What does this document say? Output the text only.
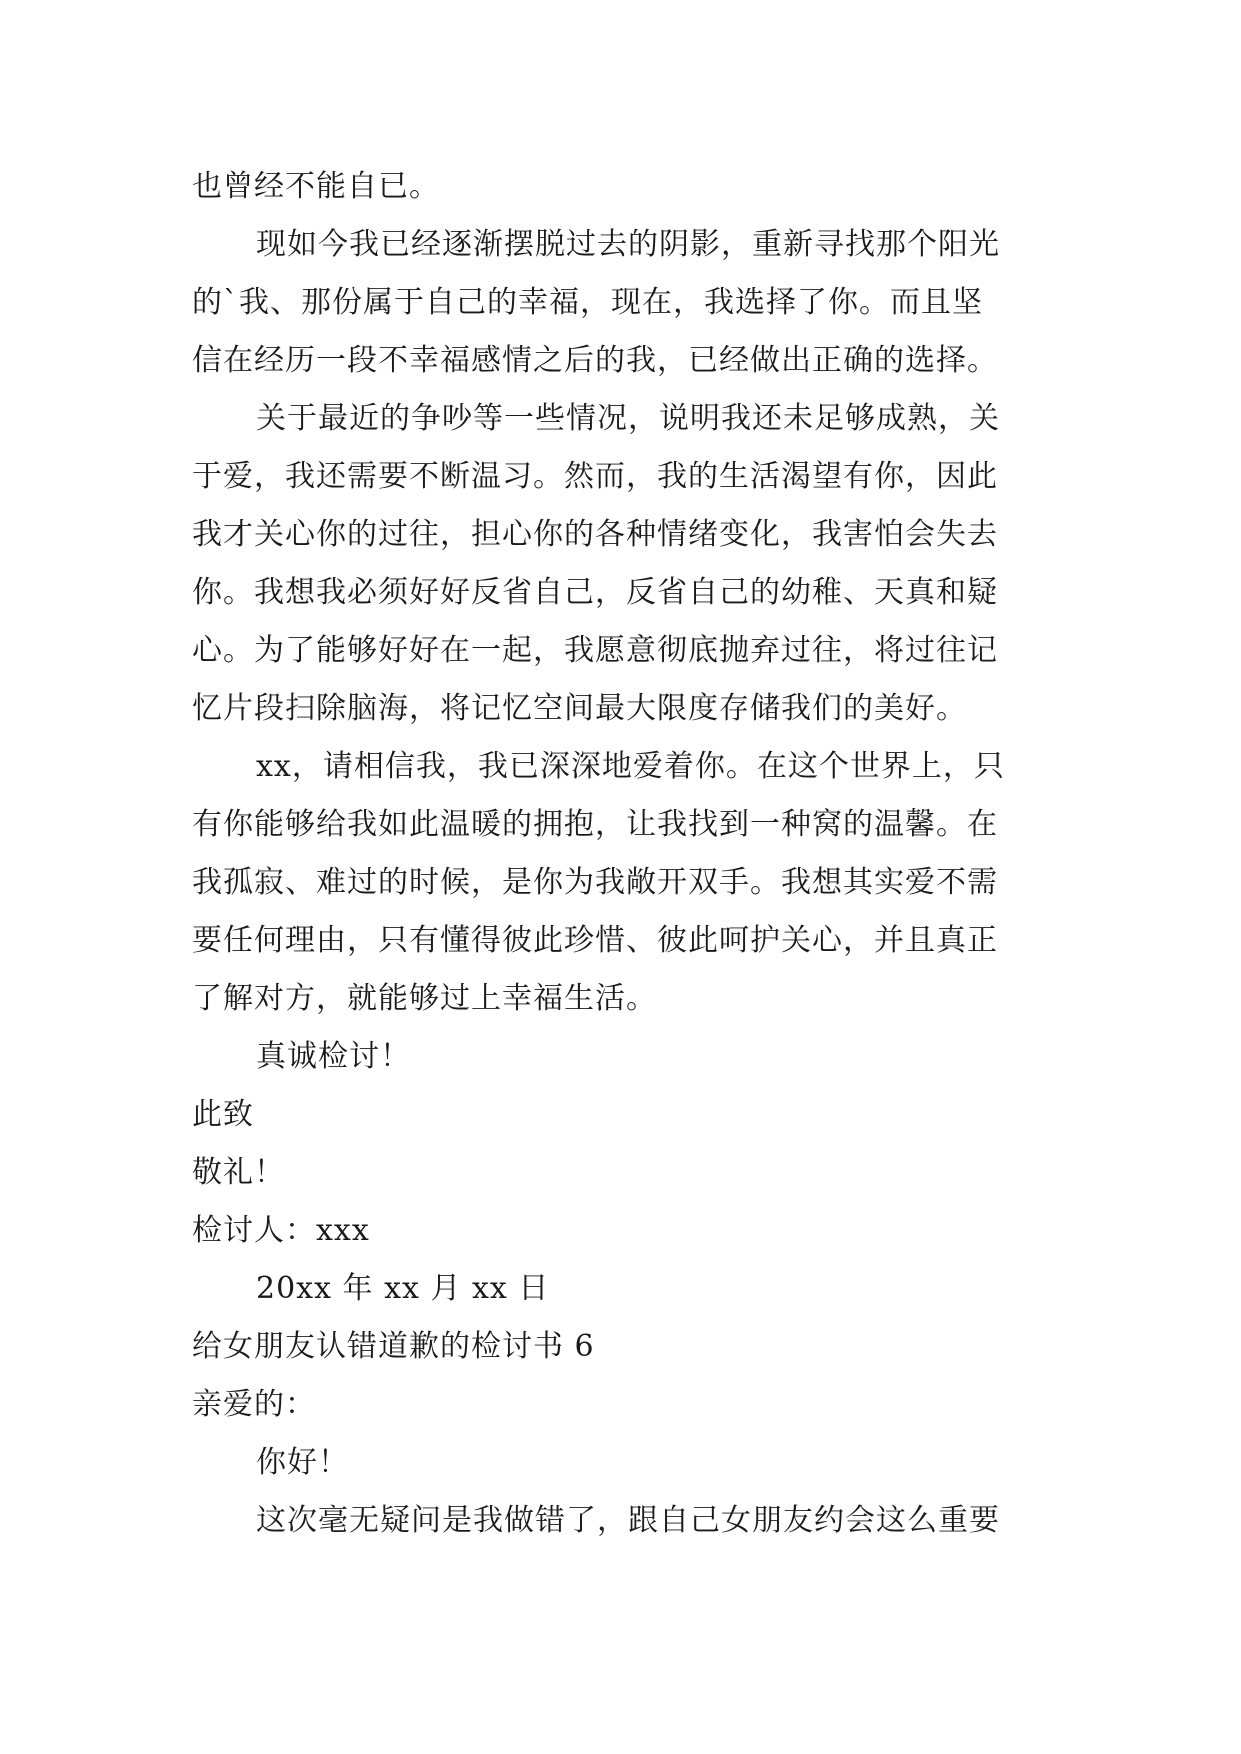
也曾经不能自已。
现如今我已经逐渐摆脱过去的阴影，重新寻找那个阳光
的`我、那份属于自己的幸福，现在，我选择了你。而且坚
信在经历一段不幸福感情之后的我，已经做出正确的选择。
关于最近的争吵等一些情况，说明我还未足够成熟，关
于爱，我还需要不断温习。然而，我的生活渴望有你，因此
我才关心你的过往，担心你的各种情绪变化，我害怕会失去
你。我想我必须好好反省自己，反省自己的幼稚、天真和疑
心。为了能够好好在一起，我愿意彻底抛弃过往，将过往记
忆片段扫除脑海，将记忆空间最大限度存储我们的美好。
xx，请相信我，我已深深地爱着你。在这个世界上，只
有你能够给我如此温暖的拥抱，让我找到一种窝的温馨。在
我孤寂、难过的时候，是你为我敞开双手。我想其实爱不需
要任何理由，只有懂得彼此珍惜、彼此呵护关心，并且真正
了解对方，就能够过上幸福生活。
真诚检讨！
此致
敬礼！
检讨人：xxx
20xx 年 xx 月 xx 日
给女朋友认错道歉的检讨书 6
亲爱的：
你好！
这次毫无疑问是我做错了，跟自己女朋友约会这么重要
